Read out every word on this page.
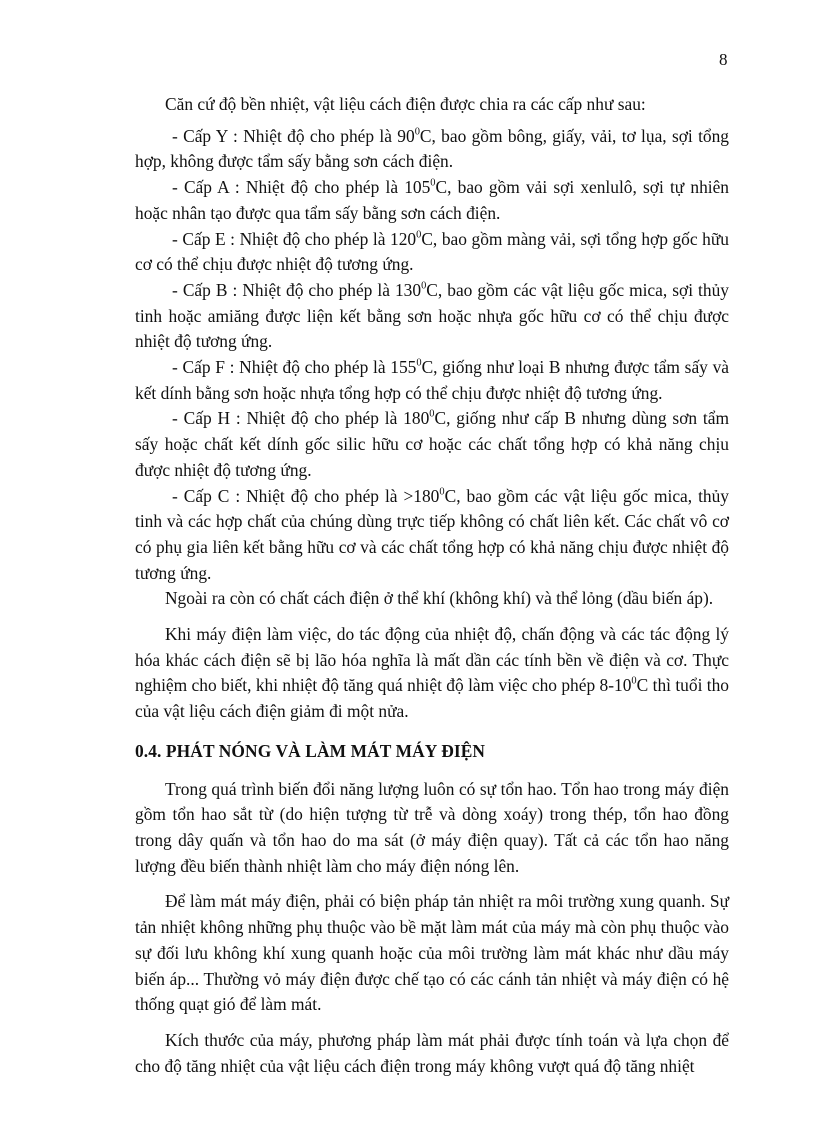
8

Căn cứ độ bền nhiệt, vật liệu cách điện được chia ra các cấp như sau:

- Cấp Y : Nhiệt độ cho phép là $90^0C$, bao gồm bông, giấy, vải, tơ lụa, sợi tổng hợp, không được tẩm sấy bằng sơn cách điện.

- Cấp A : Nhiệt độ cho phép là $105^0C$, bao gồm vải sợi xenlulô, sợi tự nhiên hoặc nhân tạo được qua tẩm sấy bằng sơn cách điện.

- Cấp E : Nhiệt độ cho phép là $120^0C$, bao gồm màng vải, sợi tổng hợp gốc hữu cơ có thể chịu được nhiệt độ tương ứng.

- Cấp B : Nhiệt độ cho phép là $130^0C$, bao gồm các vật liệu gốc mica, sợi thủy tinh hoặc amiăng được liện kết bằng sơn hoặc nhựa gốc hữu cơ có thể chịu được nhiệt độ tương ứng.

- Cấp F : Nhiệt độ cho phép là $155^0C$, giống như loại B nhưng được tẩm sấy và kết dính bằng sơn hoặc nhựa tổng hợp có thể chịu được nhiệt độ tương ứng.

- Cấp H : Nhiệt độ cho phép là $180^0C$, giống như cấp B nhưng dùng sơn tẩm sấy hoặc chất kết dính gốc silic hữu cơ hoặc các chất tổng hợp có khả năng chịu được nhiệt độ tương ứng.

- Cấp C : Nhiệt độ cho phép là $>180^0C$, bao gồm các vật liệu gốc mica, thủy tinh và các hợp chất của chúng dùng trực tiếp không có chất liên kết. Các chất vô cơ có phụ gia liên kết bằng hữu cơ và các chất tổng hợp có khả năng chịu được nhiệt độ tương ứng.

Ngoài ra còn có chất cách điện ở thể khí (không khí) và thể lỏng (dầu biến áp).

Khi máy điện làm việc, do tác động của nhiệt độ, chấn động và các tác động lý hóa khác cách điện sẽ bị lão hóa nghĩa là mất dần các tính bền về điện và cơ. Thực nghiệm cho biết, khi nhiệt độ tăng quá nhiệt độ làm việc cho phép $8-10^0C$ thì tuổi tho của vật liệu cách điện giảm đi một nửa.

0.4. PHÁT NÓNG VÀ LÀM MÁT MÁY ĐIỆN

Trong quá trình biến đổi năng lượng luôn có sự tổn hao. Tổn hao trong máy điện gồm tổn hao sắt từ (do hiện tượng từ trễ và dòng xoáy) trong thép, tổn hao đồng trong dây quấn và tổn hao do ma sát (ở máy điện quay). Tất cả các tổn hao năng lượng đều biến thành nhiệt làm cho máy điện nóng lên.

Để làm mát máy điện, phải có biện pháp tản nhiệt ra môi trường xung quanh. Sự tản nhiệt không những phụ thuộc vào bề mặt làm mát của máy mà còn phụ thuộc vào sự đối lưu không khí xung quanh hoặc của môi trường làm mát khác như dầu máy biến áp... Thường vỏ máy điện được chế tạo có các cánh tản nhiệt và máy điện có hệ thống quạt gió để làm mát.

Kích thước của máy, phương pháp làm mát phải được tính toán và lựa chọn để cho độ tăng nhiệt của vật liệu cách điện trong máy không vượt quá độ tăng nhiệt
